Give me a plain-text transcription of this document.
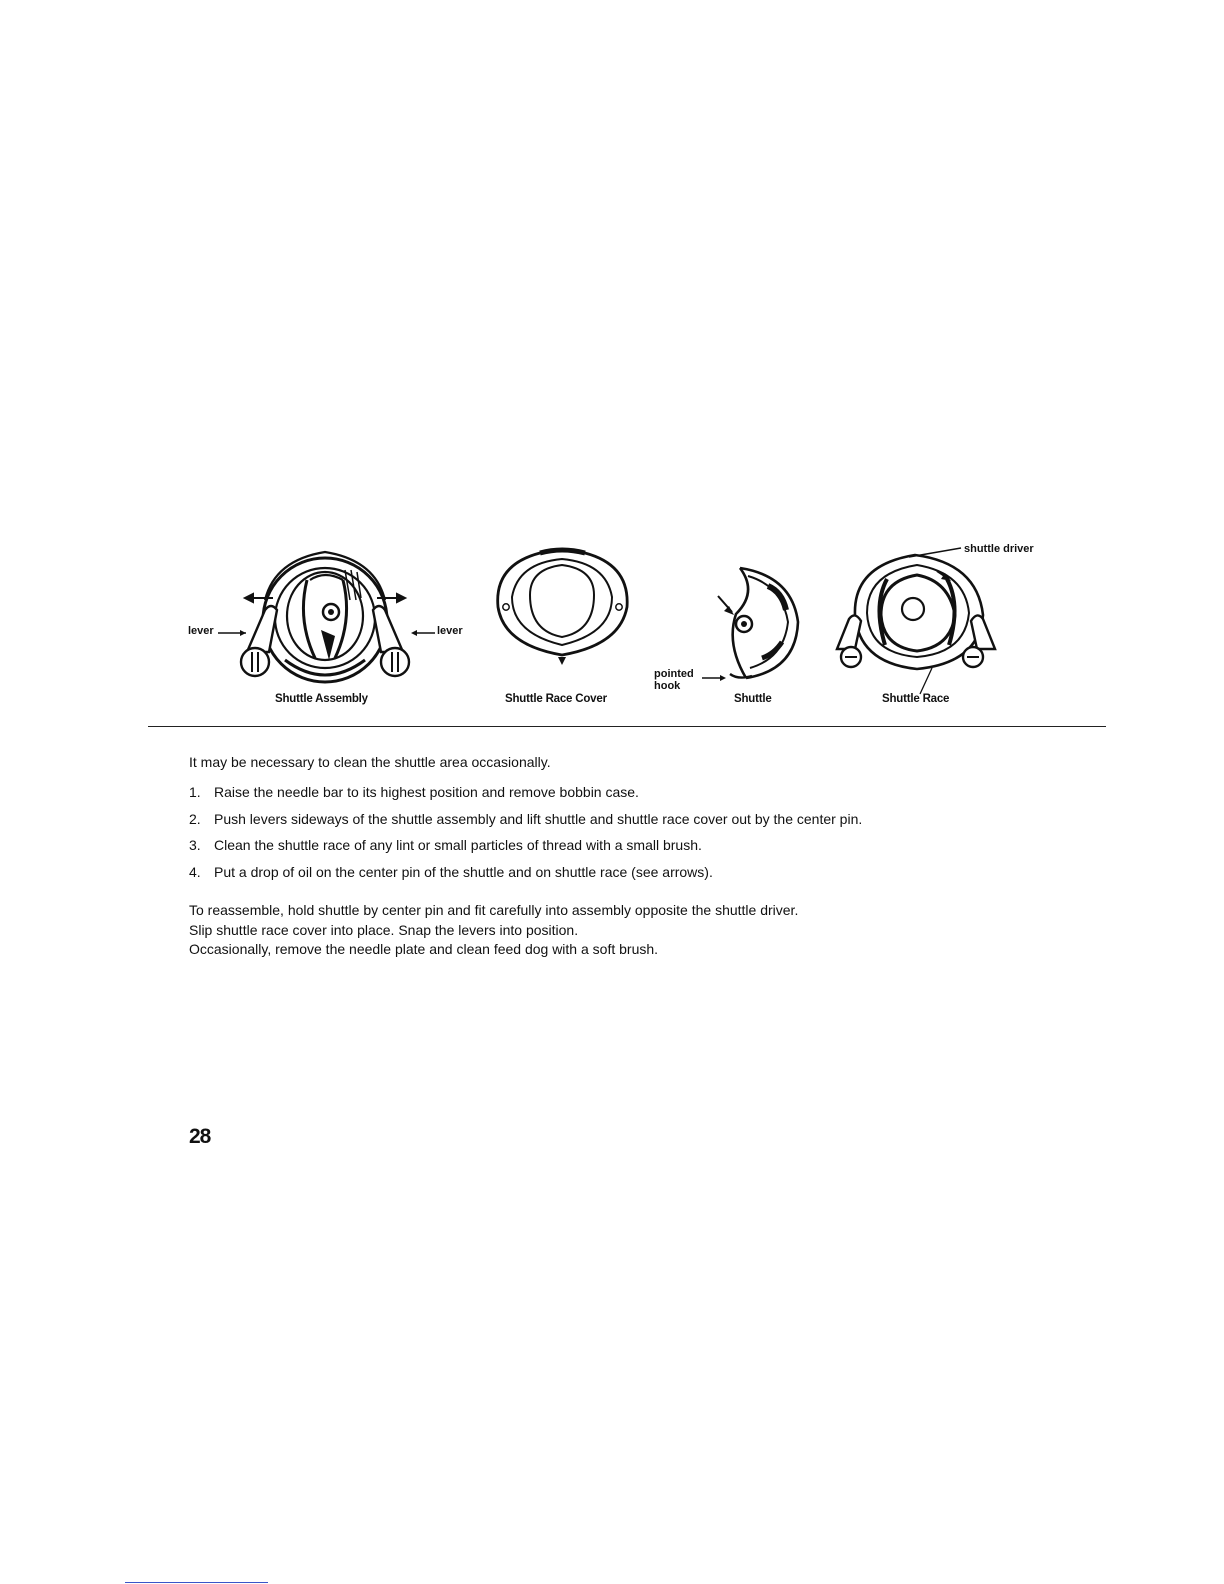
lever	lever
Shuttle Assembly	Shuttle Race Cover
pointed
hook
Shuttle
shuttle driver
Shuttle Race
It may be necessary to clean the shuttle area occasionally.
1. Raise the needle bar to its highest position and remove bobbin case.
2. Push levers sideways of the shuttle assembly and lift shuttle and shuttle race cover out by the center pin.
3. Clean the shuttle race of any lint or small particles of thread with a small brush.
4. Put a drop of oil on the center pin of the shuttle and on shuttle race (see arrows).
To reassemble, hold shuttle by center pin and fit carefully into assembly opposite the shuttle driver.
Slip shuttle race cover into place. Snap the levers into position.
Occasionally, remove the needle plate and clean feed dog with a soft brush.
28
